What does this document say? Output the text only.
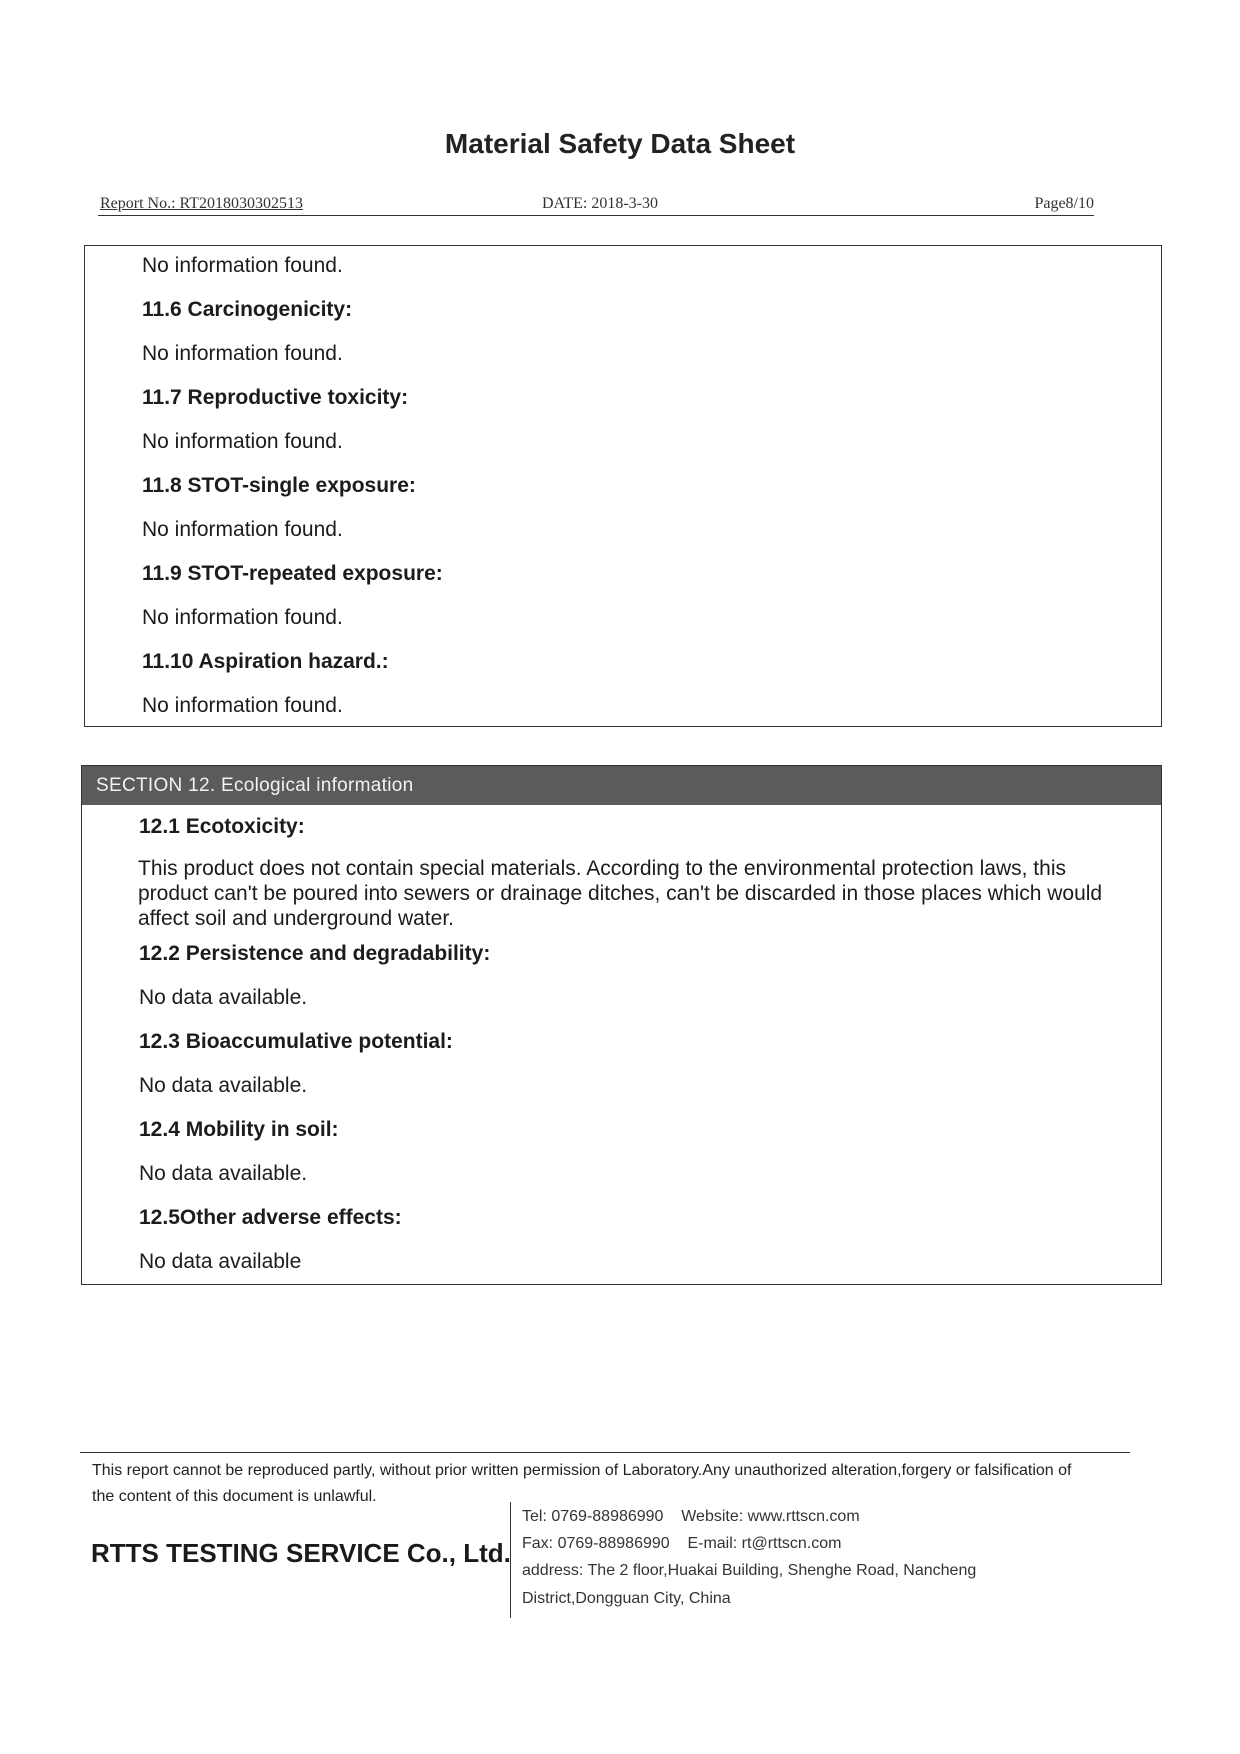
Material Safety Data Sheet
Report No.: RT2018030302513	DATE: 2018-3-30	Page8/10
No information found.
11.6 Carcinogenicity:
No information found.
11.7 Reproductive toxicity:
No information found.
11.8 STOT-single exposure:
No information found.
11.9 STOT-repeated exposure:
No information found.
11.10 Aspiration hazard.:
No information found.
SECTION 12. Ecological information
12.1 Ecotoxicity:
This product does not contain special materials. According to the environmental protection laws, this product can't be poured into sewers or drainage ditches, can't be discarded in those places which would affect soil and underground water.
12.2 Persistence and degradability:
No data available.
12.3 Bioaccumulative potential:
No data available.
12.4 Mobility in soil:
No data available.
12.5Other adverse effects:
No data available
This report cannot be reproduced partly, without prior written permission of Laboratory.Any unauthorized alteration,forgery or falsification of the content of this document is unlawful.
RTTS TESTING SERVICE Co., Ltd.
Tel: 0769-88986990    Website: www.rttscn.com
Fax: 0769-88986990    E-mail: rt@rttscn.com
address: The 2 floor,Huakai Building, Shenghe Road, Nancheng
District,Dongguan City, China
